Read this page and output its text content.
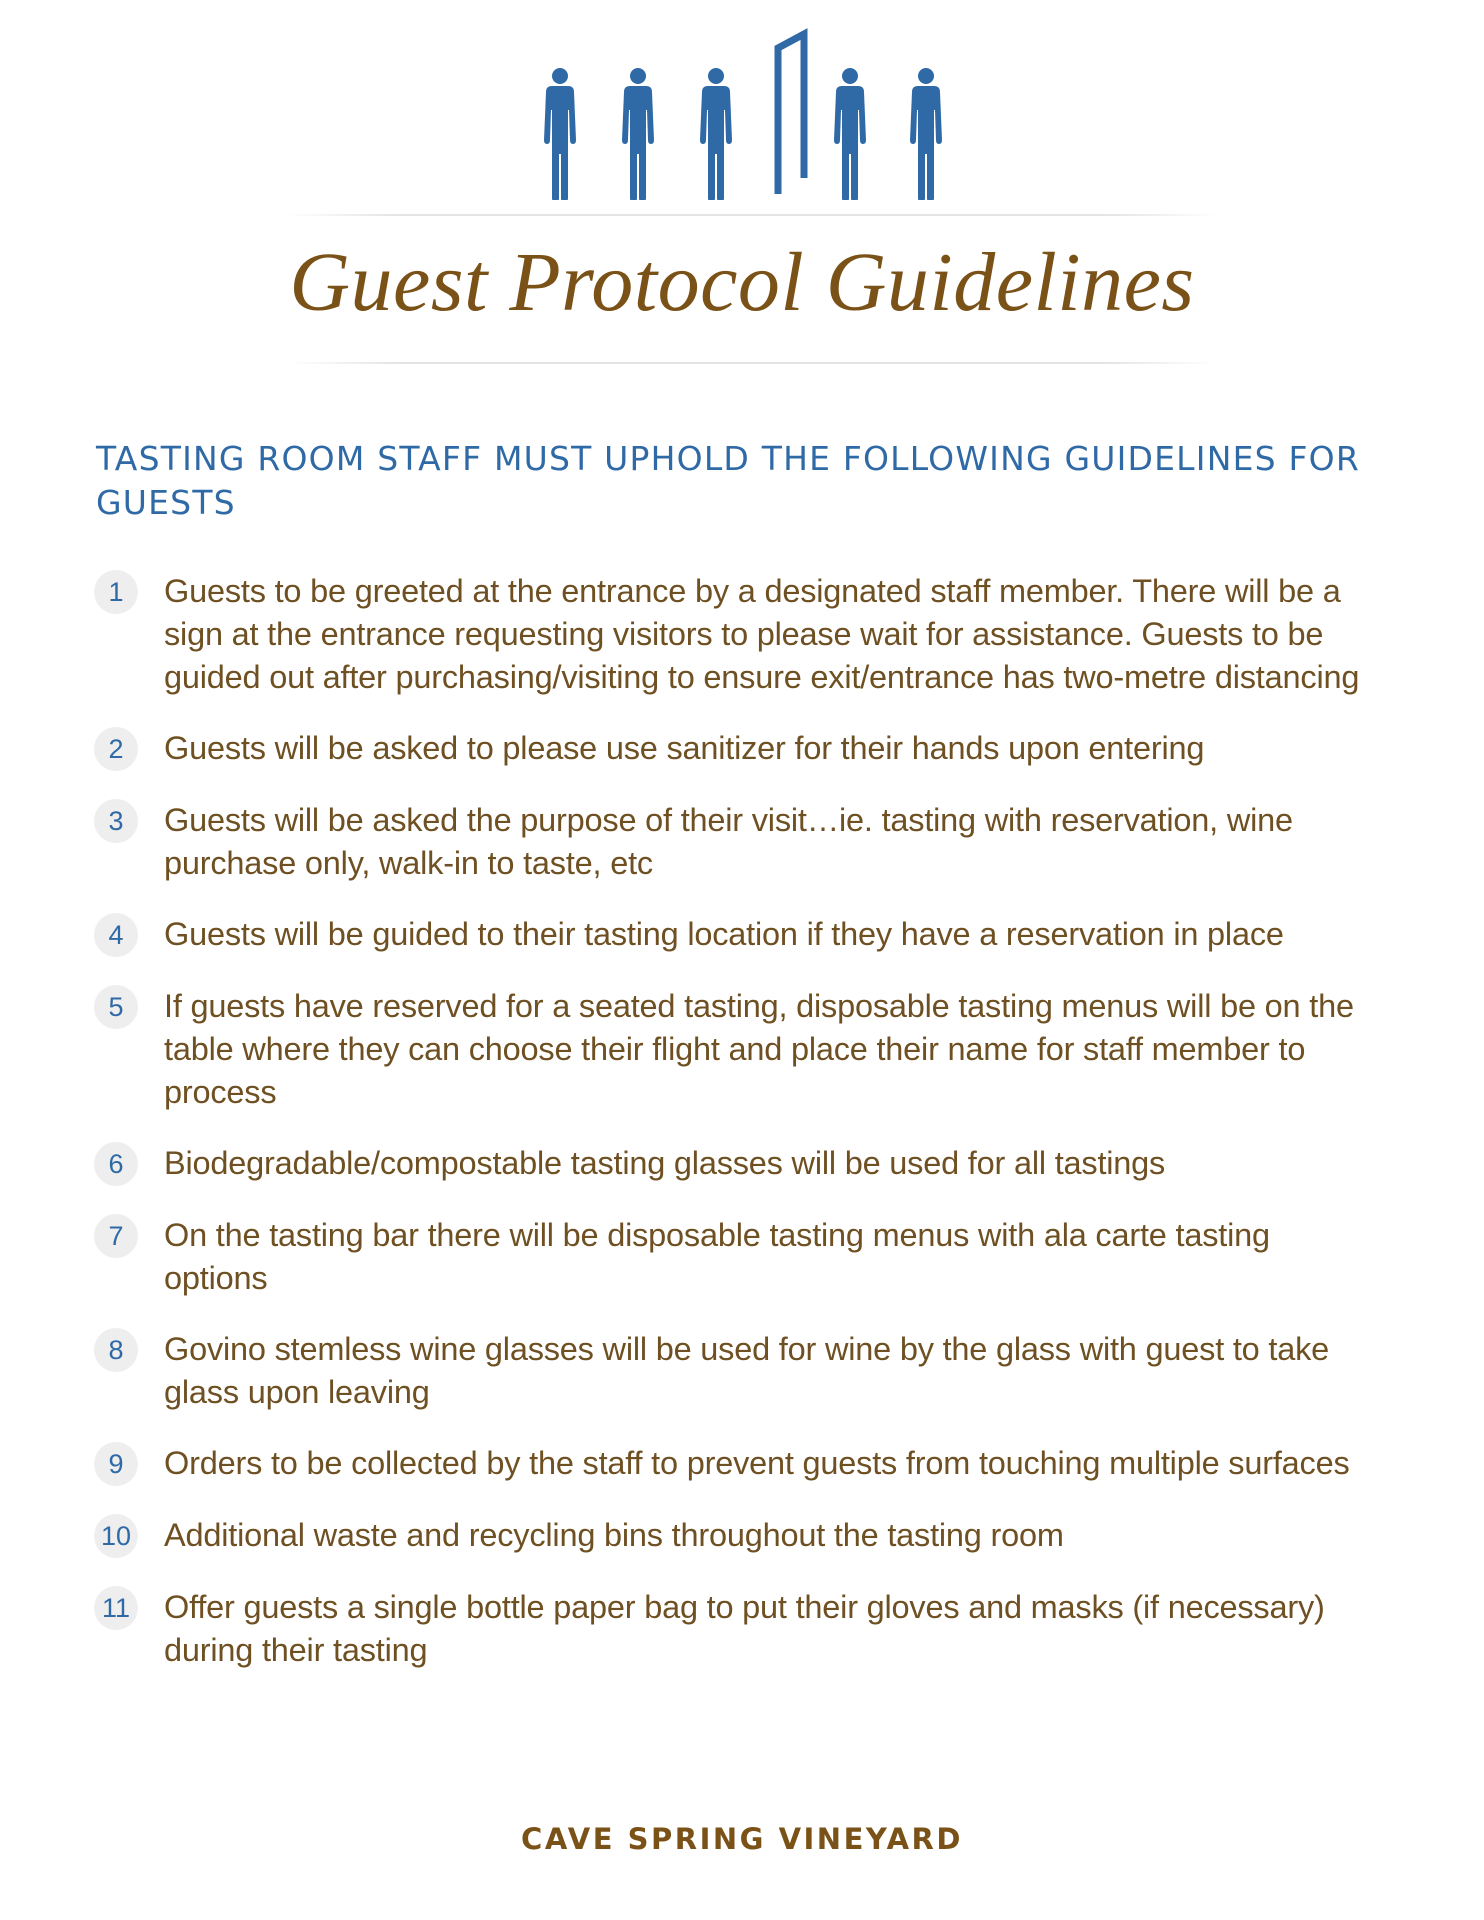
Guest Protocol Guidelines
TASTING ROOM STAFF MUST UPHOLD THE FOLLOWING GUIDELINES FOR GUESTS
1	Guests to be greeted at the entrance by a designated staff member. There will be a sign at the entrance requesting visitors to please wait for assistance. Guests to be guided out after purchasing/visiting to ensure exit/entrance has two-metre distancing
2	Guests will be asked to please use sanitizer for their hands upon entering
3	Guests will be asked the purpose of their visit…ie. tasting with reservation, wine purchase only, walk-in to taste, etc
4	Guests will be guided to their tasting location if they have a reservation in place
5	If guests have reserved for a seated tasting, disposable tasting menus will be on the table where they can choose their flight and place their name for staff member to process
6	Biodegradable/compostable tasting glasses will be used for all tastings
7	On the tasting bar there will be disposable tasting menus with ala carte tasting options
8	Govino stemless wine glasses will be used for wine by the glass with guest to take glass upon leaving
9	Orders to be collected by the staff to prevent guests from touching multiple surfaces
10 Additional waste and recycling bins throughout the tasting room
11 Offer guests a single bottle paper bag to put their gloves and masks (if necessary) during their tasting
CAVE SPRING VINEYARD
